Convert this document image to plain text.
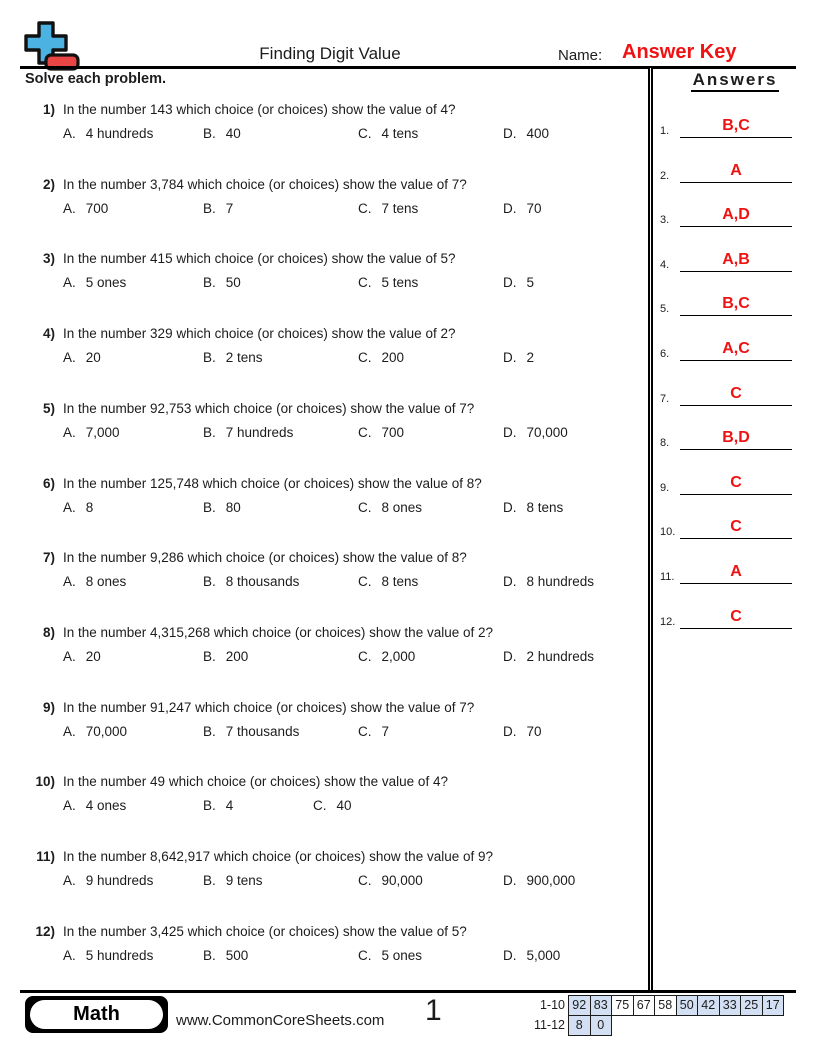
Finding Digit Value	Name: Answer Key
Solve each problem.
1) In the number 143 which choice (or choices) show the value of 4?
A. 4 hundreds	B. 40	C. 4 tens	D. 400
2) In the number 3,784 which choice (or choices) show the value of 7?
A. 700	B. 7	C. 7 tens	D. 70
3) In the number 415 which choice (or choices) show the value of 5?
A. 5 ones	B. 50	C. 5 tens	D. 5
4) In the number 329 which choice (or choices) show the value of 2?
A. 20	B. 2 tens	C. 200	D. 2
5) In the number 92,753 which choice (or choices) show the value of 7?
A. 7,000	B. 7 hundreds	C. 700	D. 70,000
6) In the number 125,748 which choice (or choices) show the value of 8?
A. 8	B. 80	C. 8 ones	D. 8 tens
7) In the number 9,286 which choice (or choices) show the value of 8?
A. 8 ones	B. 8 thousands	C. 8 tens	D. 8 hundreds
8) In the number 4,315,268 which choice (or choices) show the value of 2?
A. 20	B. 200	C. 2,000	D. 2 hundreds
9) In the number 91,247 which choice (or choices) show the value of 7?
A. 70,000	B. 7 thousands	C. 7	D. 70
10) In the number 49 which choice (or choices) show the value of 4?
A. 4 ones	B. 4	C. 40
11) In the number 8,642,917 which choice (or choices) show the value of 9?
A. 9 hundreds	B. 9 tens	C. 90,000	D. 900,000
12) In the number 3,425 which choice (or choices) show the value of 5?
A. 5 hundreds	B. 500	C. 5 ones	D. 5,000
Answers
1.	B,C
2.	A
3.	A,D
4.	A,B
5.	B,C
6.	A,C
7.	C
8.	B,D
9.	C
10.	C
11.	A
12.	C
Math	www.CommonCoreSheets.com 1	1-10 92 83 75 67 58 50 42 33 25 17
11-12 8	0
